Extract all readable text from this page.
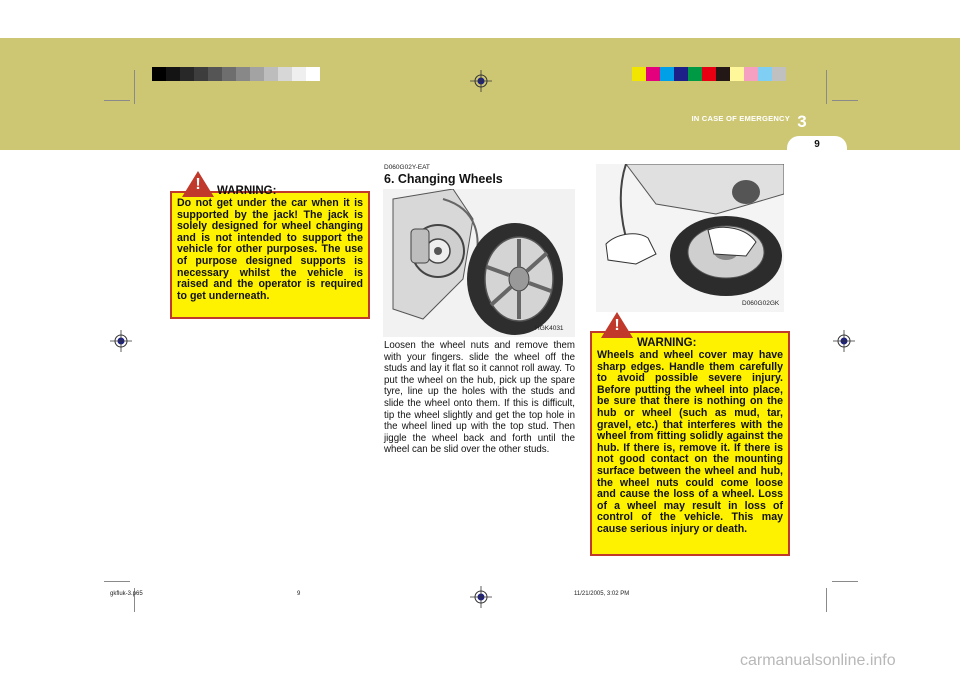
IN CASE OF EMERGENCY 3
9
!	WARNING:
Do not get under the car when it is supported by the jack! The jack is solely designed for wheel changing and is not intended to support the vehicle for other purposes. The use of purpose designed supports is necessary whilst the vehicle is raised and the operator is required to get underneath.
D060G02Y-EAT
6. Changing Wheels
HGK4031
Loosen the wheel nuts and remove them with your fingers. slide the wheel off the studs and lay it flat so it cannot roll away. To put the wheel on the hub, pick up the spare tyre, line up the holes with the studs and slide the wheel onto them. If this is difficult, tip the wheel slightly and get the top hole in the wheel lined up with the top stud. Then jiggle the wheel back and forth until the wheel can be slid over the other studs.
D060G02GK
!
WARNING:
Wheels and wheel cover may have sharp edges. Handle them carefully to avoid possible severe injury. Before putting the wheel into place, be sure that there is nothing on the hub or wheel (such as mud, tar, gravel, etc.) that interferes with the wheel from fitting solidly against the hub. If there is, remove it. If there is not good contact on the mounting surface between the wheel and hub, the wheel nuts could come loose and cause the loss of a wheel. Loss of a wheel may result in loss of control of the vehicle. This may cause serious injury or death.
gkfluk-3.p65	9	11/21/2005, 3:02 PM
carmanualsonline.info
